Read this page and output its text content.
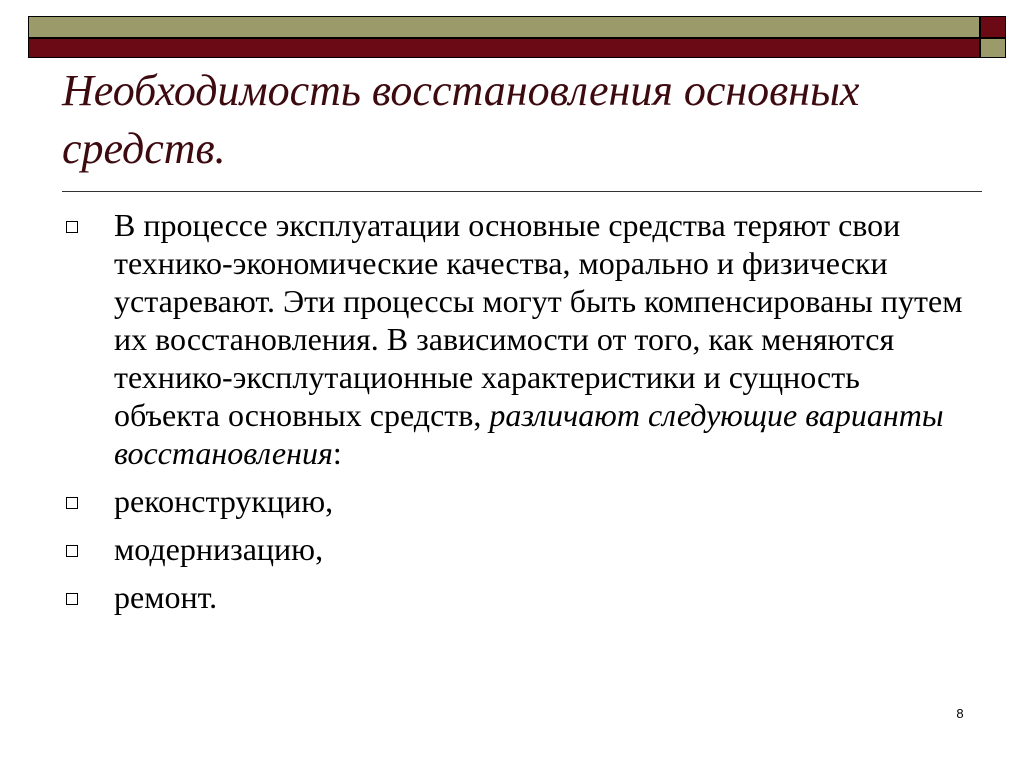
Необходимость восстановления основных средств.
В процессе эксплуатации основные средства теряют свои технико-экономические качества, морально и физически устаревают. Эти процессы могут быть компенсированы путем их восстановления. В зависимости от того, как меняются технико-эксплутационные характеристики и сущность объекта основных средств, различают следующие варианты восстановления:
реконструкцию,
модернизацию,
ремонт.
8
